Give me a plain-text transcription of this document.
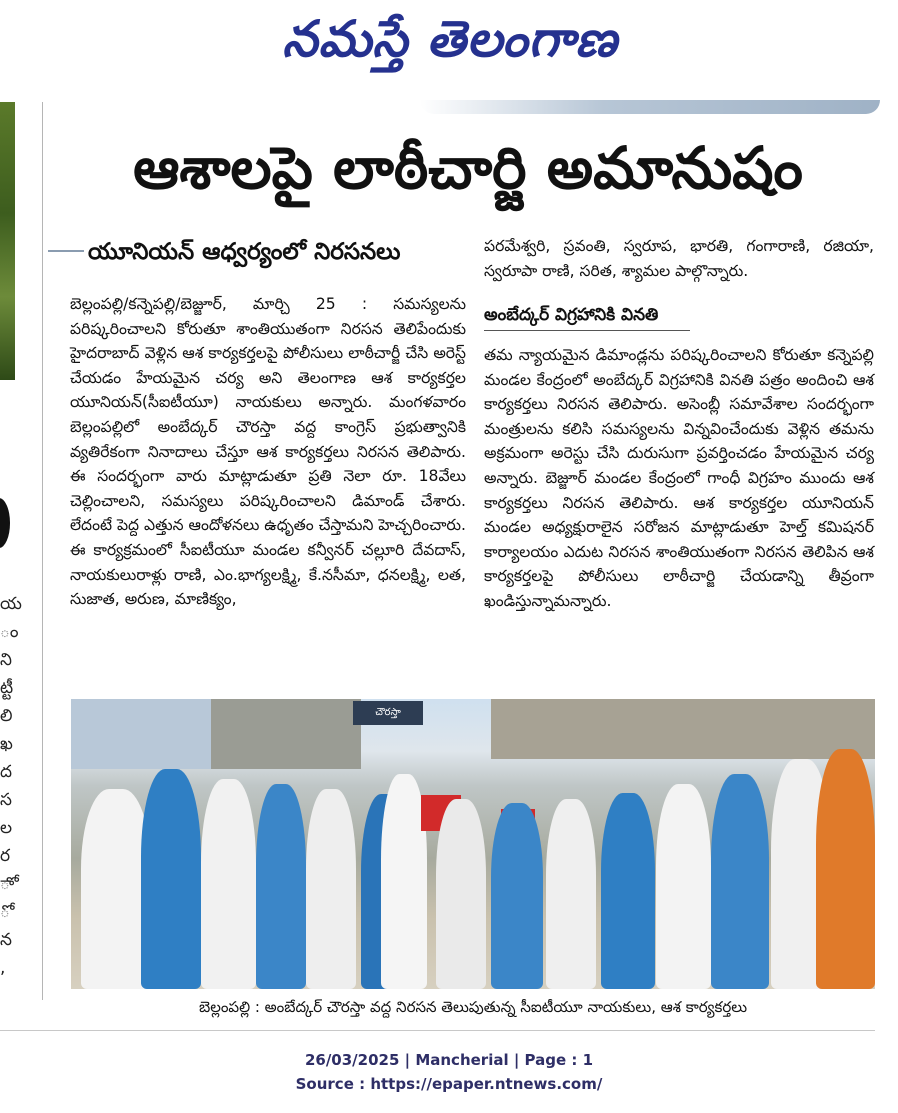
నమస్తే తెలంగాణ
య
ం
ని
ట్టీ
లి
ఖ
ద
స
ల
ర
ాో
ో
న
,
ఆశాలపై లాఠీచార్జి అమానుషం
యూనియన్ ఆధ్వర్యంలో నిరసనలు
బెల్లంపల్లి/కన్నెపల్లి/బెజ్జూర్, మార్చి 25 : సమస్యలను పరిష్కరించాలని కోరుతూ శాంతియుతంగా నిరసన తెలిపేందుకు హైదరాబాద్ వెళ్లిన ఆశ కార్యకర్తలపై పోలీసులు లాఠీచార్జీ చేసి అరెస్ట్ చేయడం హేయమైన చర్య అని తెలంగాణ ఆశ కార్యకర్తల యూనియన్(సీఐటీయూ) నాయకులు అన్నారు. మంగళవారం బెల్లంపల్లిలో అంబేద్కర్ చౌరస్తా వద్ద కాంగ్రెస్ ప్రభుత్వానికి వ్యతిరేకంగా నినాదాలు చేస్తూ ఆశ కార్యకర్తలు నిరసన తెలిపారు. ఈ సందర్భంగా వారు మాట్లాడుతూ ప్రతి నెలా రూ. 18వేలు చెల్లించాలని, సమస్యలు పరిష్కరించాలని డిమాండ్ చేశారు. లేదంటే పెద్ద ఎత్తున ఆందోళనలు ఉధృతం చేస్తామని హెచ్చరించారు. ఈ కార్యక్రమంలో సీఐటీయూ మండల కన్వీనర్ చల్లూరి దేవదాస్, నాయకులురాళ్లు రాణి, ఎం.భాగ్యలక్ష్మి, కే.నసీమా, ధనలక్ష్మి, లత, సుజాత, అరుణ, మాణిక్యం,
పరమేశ్వరి, స్రవంతి, స్వరూప, భారతి, గంగారాణి, రజియా, స్వరూపా రాణి, సరిత, శ్యామల పాల్గొన్నారు.
అంబేద్కర్ విగ్రహానికి వినతి
తమ న్యాయమైన డిమాండ్లను పరిష్కరించాలని కోరుతూ కన్నెపల్లి మండల కేంద్రంలో అంబేద్కర్ విగ్రహానికి వినతి పత్రం అందించి ఆశ కార్యకర్తలు నిరసన తెలిపారు. అసెంబ్లీ సమావేశాల సందర్భంగా మంత్రులను కలిసి సమస్యలను విన్నవించేందుకు వెళ్లిన తమను అక్రమంగా అరెస్టు చేసి దురుసుగా ప్రవర్తించడం హేయమైన చర్య అన్నారు. బెజ్జూర్ మండల కేంద్రంలో గాంధీ విగ్రహం ముందు ఆశ కార్యకర్తలు నిరసన తెలిపారు. ఆశ కార్యకర్తల యూనియన్ మండల అధ్యక్షురాలైన సరోజన మాట్లాడుతూ హెల్త్ కమిషనర్ కార్యాలయం ఎదుట నిరసన శాంతియుతంగా నిరసన తెలిపిన ఆశ కార్యకర్తలపై పోలీసులు లాఠీచార్జి చేయడాన్ని తీవ్రంగా ఖండిస్తున్నామన్నారు.
చౌరస్తా
బెల్లంపల్లి : అంబేద్కర్ చౌరస్తా వద్ద నిరసన తెలుపుతున్న సీఐటీయూ నాయకులు, ఆశ కార్యకర్తలు
26/03/2025 | Mancherial | Page : 1
Source : https://epaper.ntnews.com/
